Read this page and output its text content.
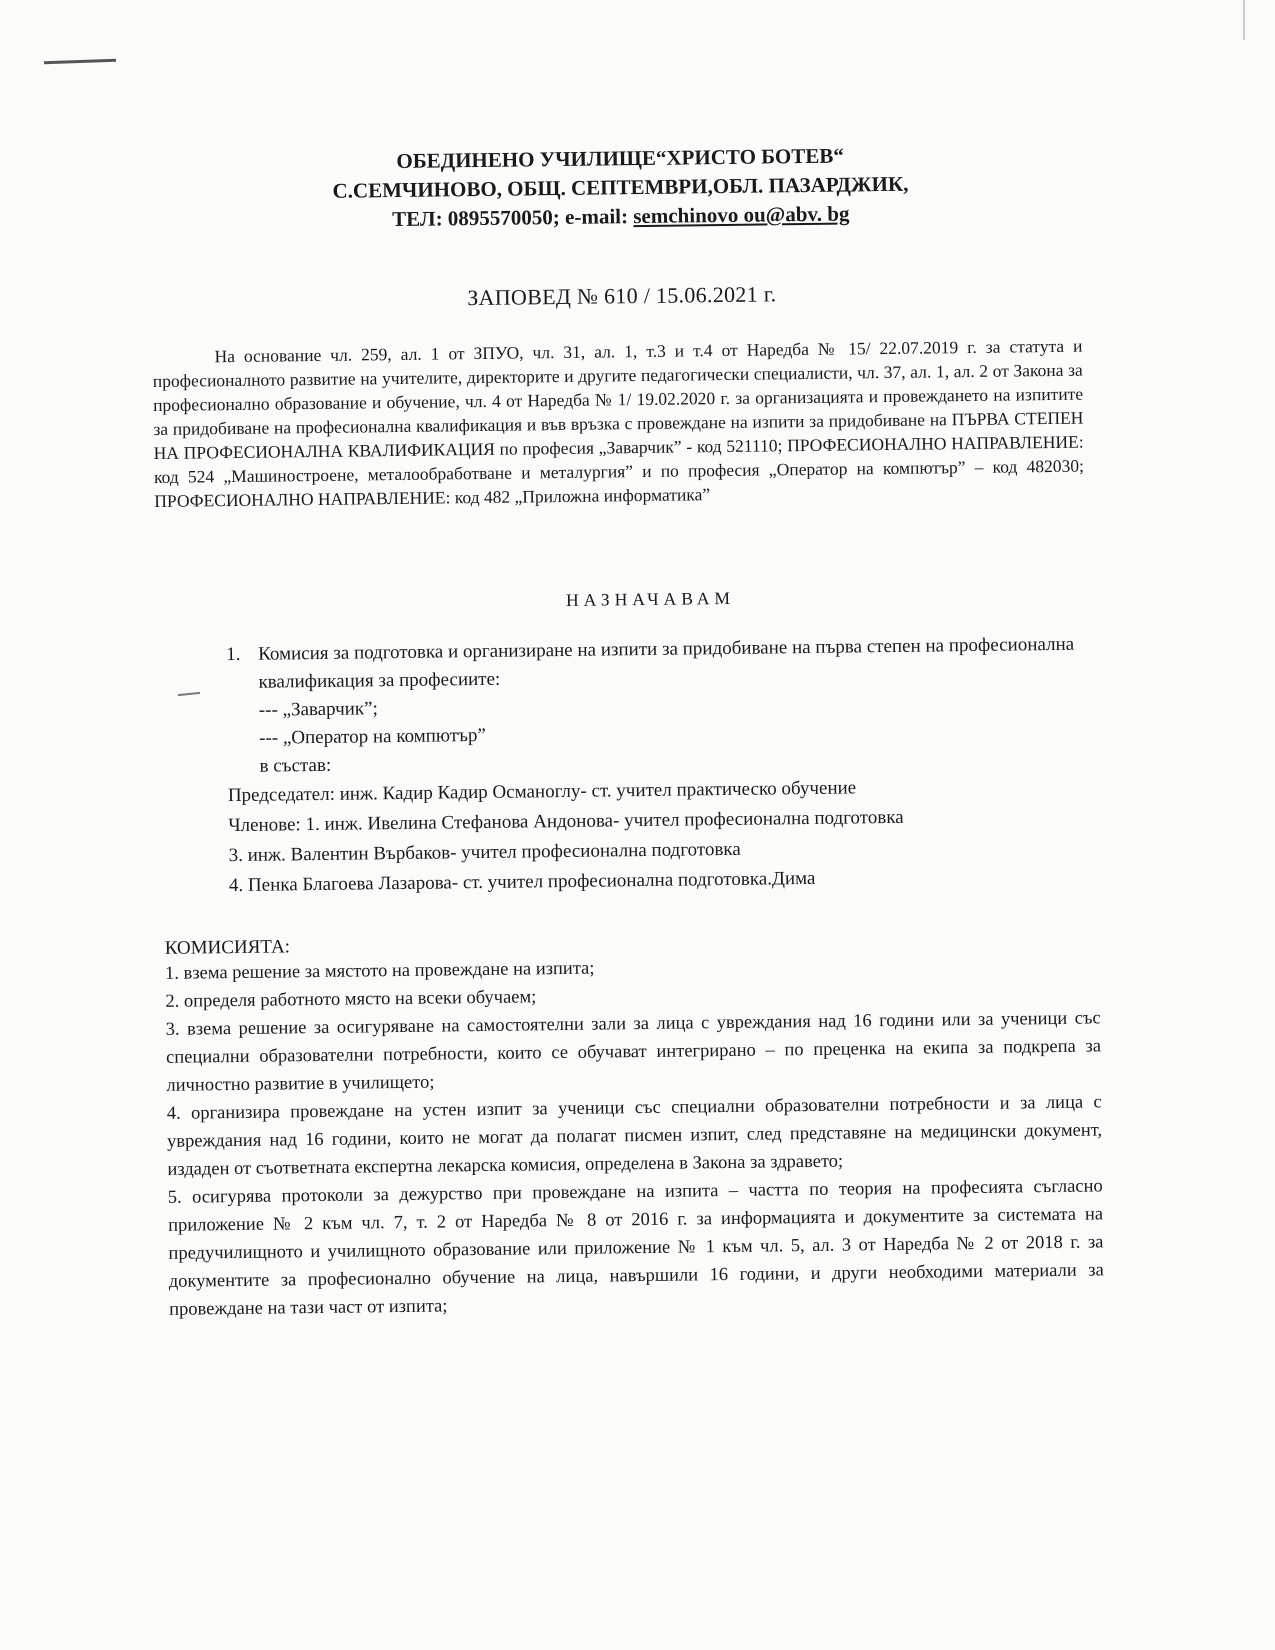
ОБЕДИНЕНО УЧИЛИЩЕ“ХРИСТО БОТЕВ“
С.СЕМЧИНОВО, ОБЩ. СЕПТЕМВРИ,ОБЛ. ПАЗАРДЖИК,
ТЕЛ: 0895570050; e-mail: semchinovo ou@abv. bg
ЗАПОВЕД № 610 / 15.06.2021 г.
На основание чл. 259, ал. 1 от ЗПУО, чл. 31, ал. 1, т.3 и т.4 от Наредба № 15/ 22.07.2019 г. за статута и професионалното развитие на учителите, директорите и другите педагогически специалисти, чл. 37, ал. 1, ал. 2 от Закона за професионално образование и обучение, чл. 4 от Наредба № 1/ 19.02.2020 г. за организацията и провеждането на изпитите за придобиване на професионална квалификация и във връзка с провеждане на изпити за придобиване на ПЪРВА СТЕПЕН НА ПРОФЕСИОНАЛНА КВАЛИФИКАЦИЯ по професия „Заварчик” - код 521110; ПРОФЕСИОНАЛНО НАПРАВЛЕНИЕ: код 524 „Машиностроене, металообработване и металургия” и по професия „Оператор на компютър” – код 482030; ПРОФЕСИОНАЛНО НАПРАВЛЕНИЕ: код 482 „Приложна информатика”
НАЗНАЧАВАМ
1. Комисия за подготовка и организиране на изпити за придобиване на първа степен на професионална квалификация за професиите:
--- „Заварчик”;
--- „Оператор на компютър”
в състав:
Председател: инж. Кадир Кадир Османоглу- ст. учител практическо обучение
Членове: 1. инж. Ивелина Стефанова Андонова- учител професионална подготовка
3. инж. Валентин Върбаков- учител професионална подготовка
4. Пенка Благоева Лазарова- ст. учител професионална подготовка.Дима
КОМИСИЯТА:
1. взема решение за мястото на провеждане на изпита;
2. определя работното място на всеки обучаем;
3. взема решение за осигуряване на самостоятелни зали за лица с увреждания над 16 години или за ученици със специални образователни потребности, които се обучават интегрирано – по преценка на екипа за подкрепа за личностно развитие в училището;
4. организира провеждане на устен изпит за ученици със специални образователни потребности и за лица с увреждания над 16 години, които не могат да полагат писмен изпит, след представяне на медицински документ, издаден от съответната експертна лекарска комисия, определена в Закона за здравето;
5. осигурява протоколи за дежурство при провеждане на изпита – частта по теория на професията съгласно приложение № 2 към чл. 7, т. 2 от Наредба № 8 от 2016 г. за информацията и документите за системата на предучилищното и училищното образование или приложение № 1 към чл. 5, ал. 3 от Наредба № 2 от 2018 г. за документите за професионално обучение на лица, навършили 16 години, и други необходими материали за провеждане на тази част от изпита;
